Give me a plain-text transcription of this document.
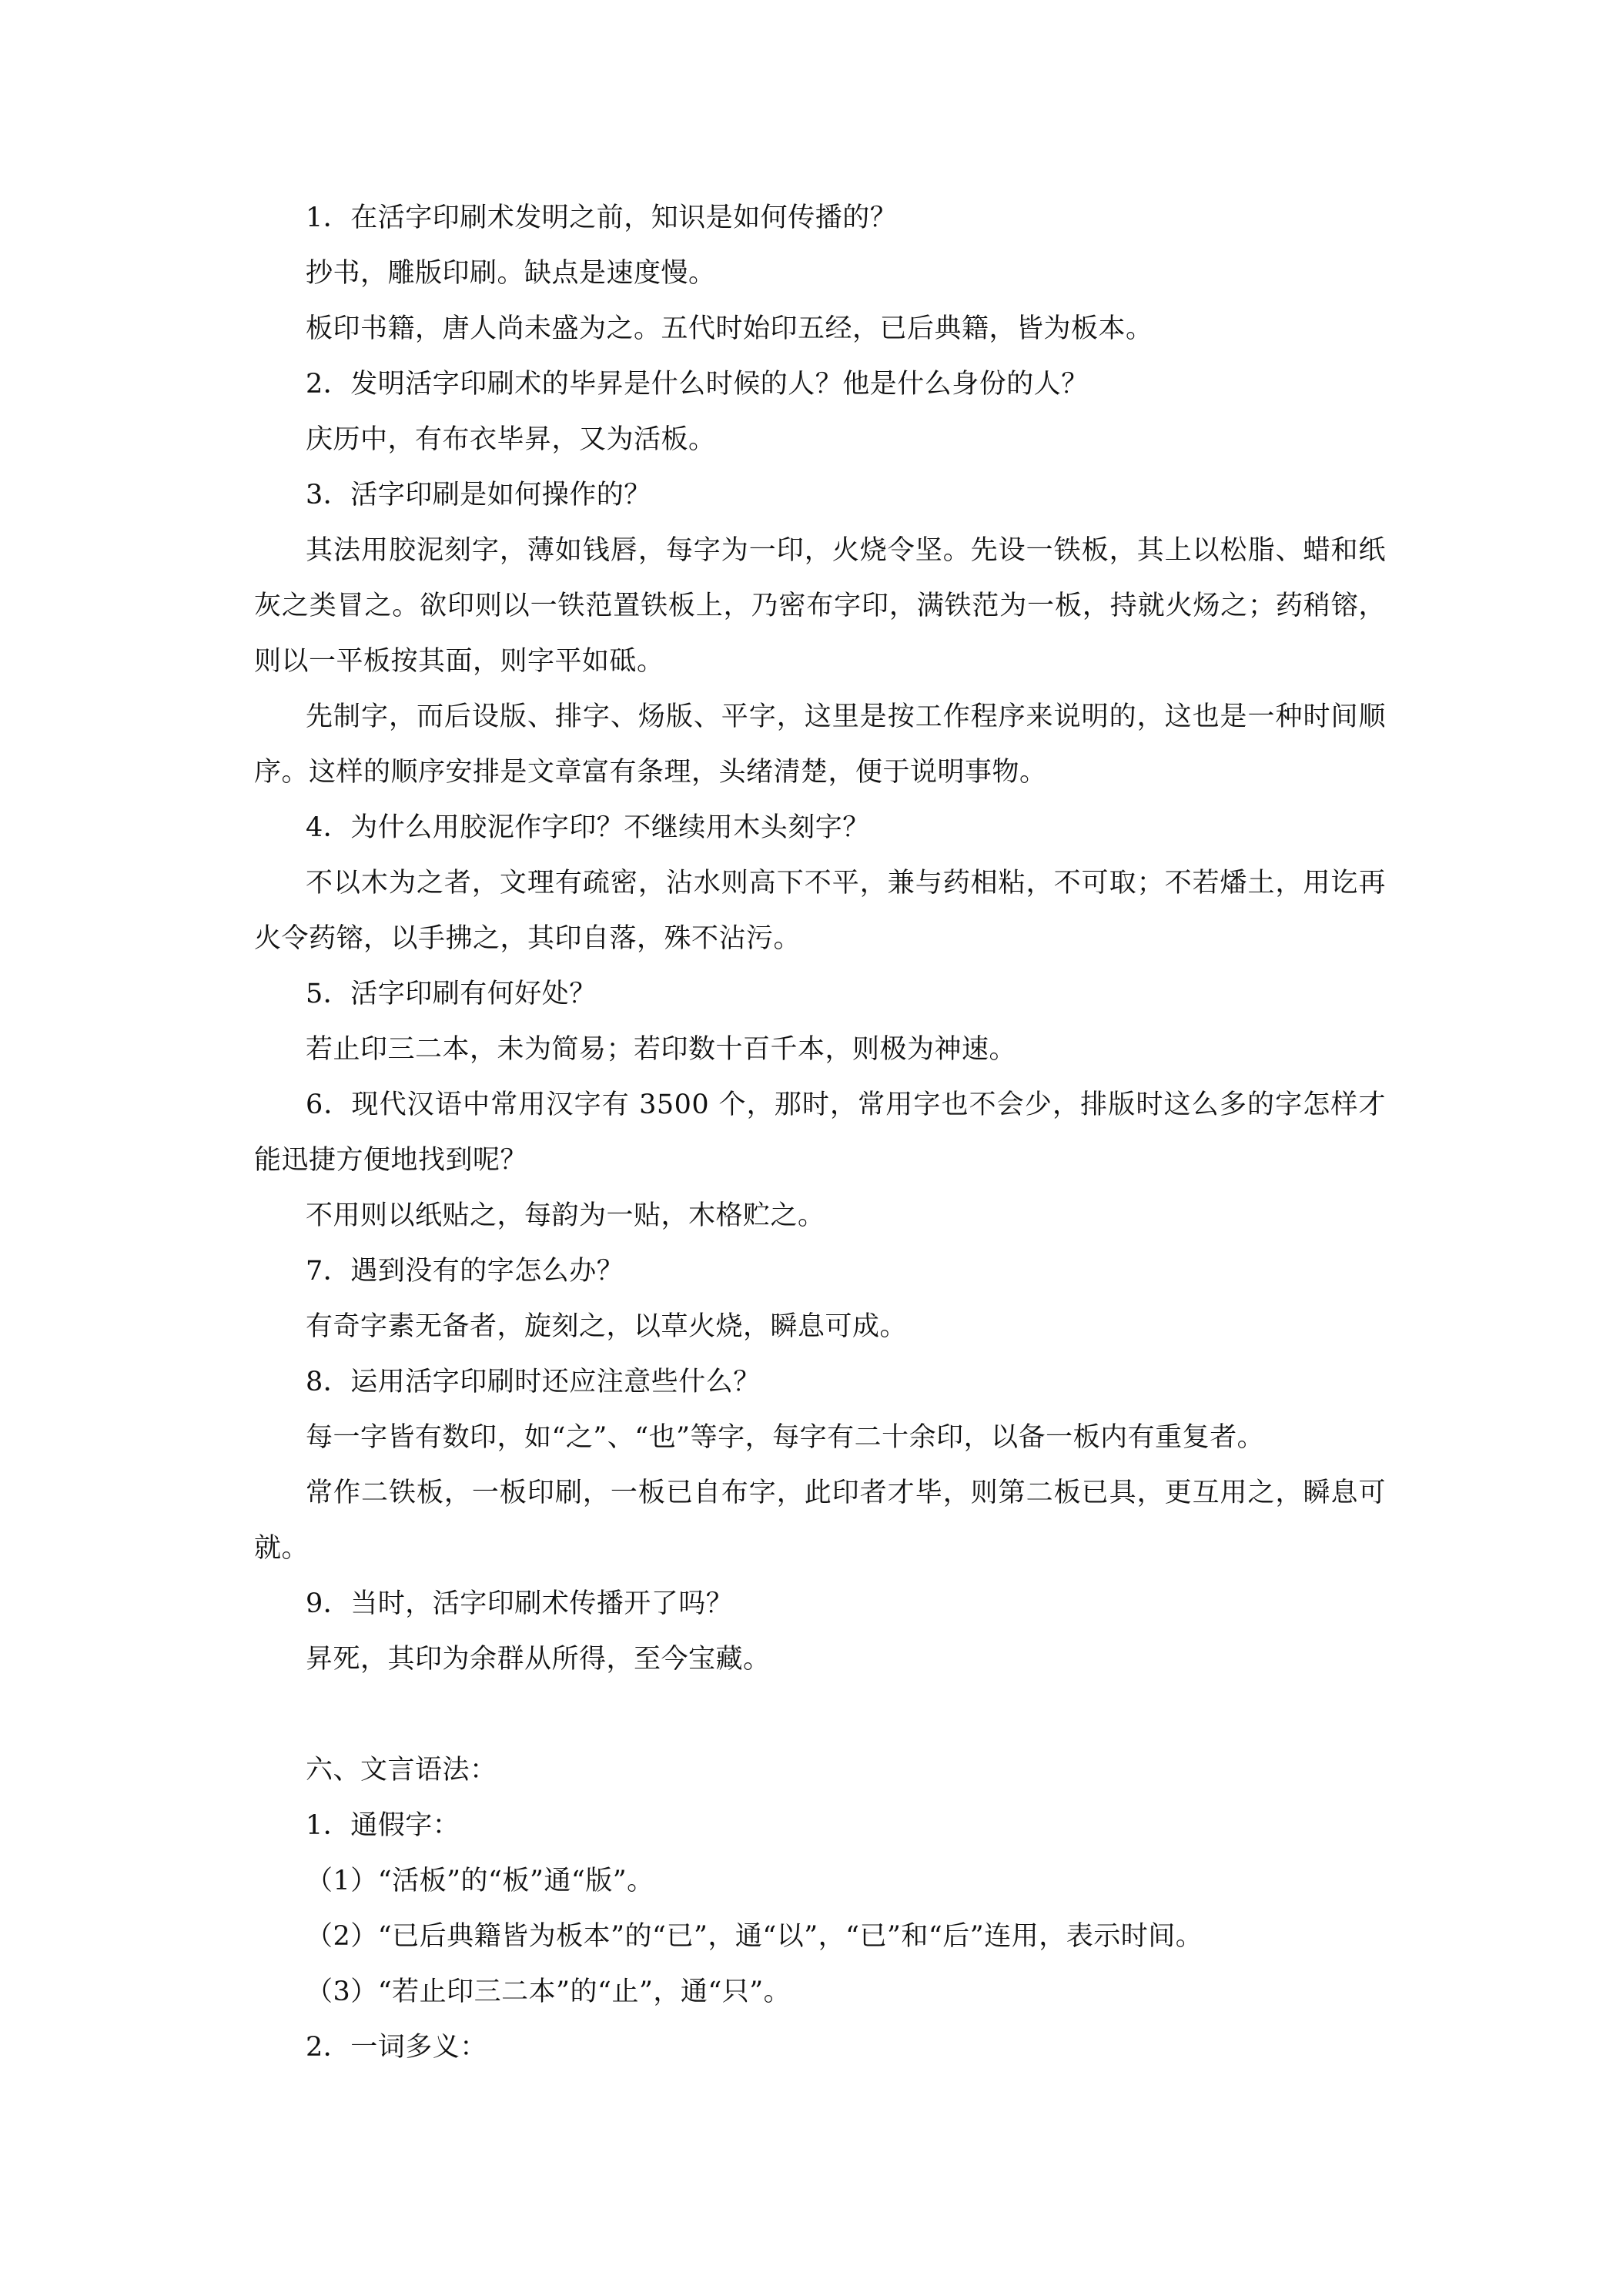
1．在活字印刷术发明之前，知识是如何传播的？

抄书，雕版印刷。缺点是速度慢。

板印书籍，唐人尚未盛为之。五代时始印五经，已后典籍，皆为板本。

2．发明活字印刷术的毕昇是什么时候的人？他是什么身份的人？

庆历中，有布衣毕昇，又为活板。

3．活字印刷是如何操作的？

其法用胶泥刻字，薄如钱唇，每字为一印，火烧令坚。先设一铁板，其上以松脂、蜡和纸灰之类冒之。欲印则以一铁范置铁板上，乃密布字印，满铁范为一板，持就火炀之；药稍镕，则以一平板按其面，则字平如砥。

先制字，而后设版、排字、炀版、平字，这里是按工作程序来说明的，这也是一种时间顺序。这样的顺序安排是文章富有条理，头绪清楚，便于说明事物。

4．为什么用胶泥作字印？不继续用木头刻字？

不以木为之者，文理有疏密，沾水则高下不平，兼与药相粘，不可取；不若燔土，用讫再火令药镕，以手拂之，其印自落，殊不沾污。

5．活字印刷有何好处？

若止印三二本，未为简易；若印数十百千本，则极为神速。

6．现代汉语中常用汉字有 3500 个，那时，常用字也不会少，排版时这么多的字怎样才能迅捷方便地找到呢？

不用则以纸贴之，每韵为一贴，木格贮之。

7．遇到没有的字怎么办？

有奇字素无备者，旋刻之，以草火烧，瞬息可成。

8．运用活字印刷时还应注意些什么？

每一字皆有数印，如“之”、“也”等字，每字有二十余印，以备一板内有重复者。

常作二铁板，一板印刷，一板已自布字，此印者才毕，则第二板已具，更互用之，瞬息可就。

9．当时，活字印刷术传播开了吗？

昇死，其印为余群从所得，至今宝藏。

六、文言语法：

1．通假字：

（1）“活板”的“板”通“版”。

（2）“已后典籍皆为板本”的“已”，通“以”，“已”和“后”连用，表示时间。

（3）“若止印三二本”的“止”，通“只”。

2．一词多义：
